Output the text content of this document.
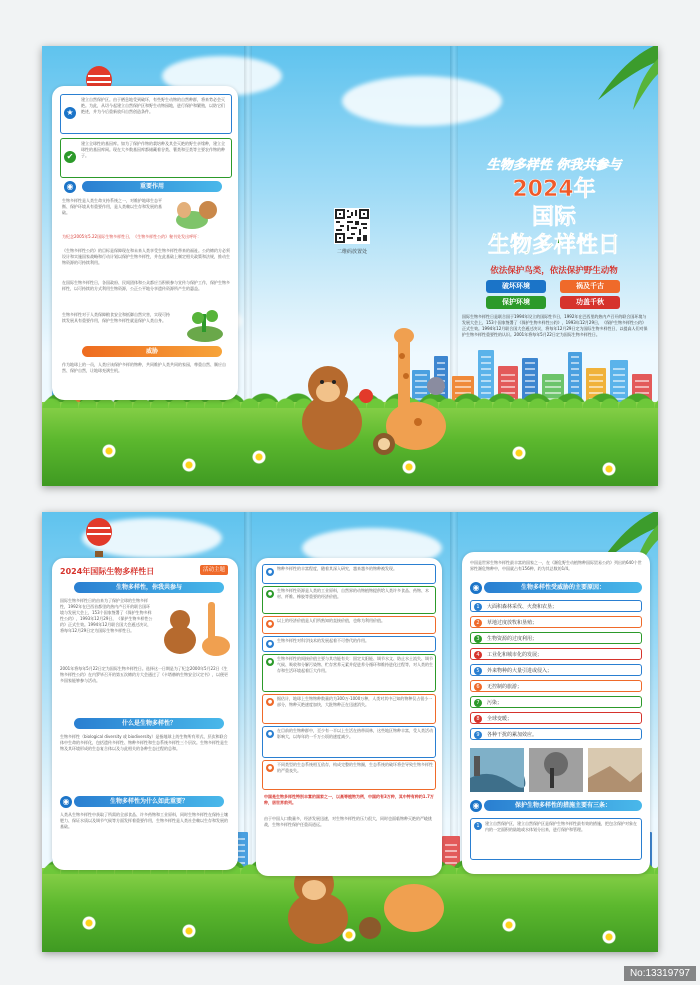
★
建立自然保护区。由于栖息地受到破坏，有些野生动物的自然种群，将来势必会灭绝。为此，从切今起建立自然保护区和野生动物园地，进行保护和繁殖，以防它们绝迹，并为今后重新放归自然创造条件。
✔
建立全球性的基因库。如为了保护作物的栽培种及其会灭绝的野生亲缘种，建立全球性的基因库网。现在大多数基因库都储藏着谷类、薯类和豆类等主要农作物的种子。
重要作用
◉
生物多样性是人类生命支持系统之一，对维护地球生态平衡、保护环境具有重要作用，是人类赖以生存和发展的基础。
为纪念2005年5.22国际生物多样性日，《生物多样性公约》秘书处发出呼吁：
《生物多样性公约》的目标是保障现在和未来人类享受生物多样性带来的福祉。公约缔约方必须设计和实施国家战略和行动计划以保护生物多样性，并在此基础上制定相关政策和法规，推动生物资源的可持续利用。
在国际生物多样性日，各国政府、民间团体和公众都应当积极参与宣传与保护工作，保护生物多样性，以可持续的方式利用生物资源，公正公平地分享遗传资源所产生的惠益。
生物多样性对于人类保障粮食安全和抵御自然灾害，实现可持续发展具有重要作用，保护生物多样性就是保护人类自身。
威胁
作为地球上的一员，人类应该保护多样的物种，共同维护人类共同的家园，尊重自然、顺应自然、保护自然，让地球充满生机。
二维码放置处
生物多样性 你我共参与
2024年
国际
生物多样性日
依法保护鸟类，依法保护野生动物
破坏环境	祸及千古
保护环境	功盖千秋
国际生物多样性日是联合国于1994年设立的国际性节日，1992年在巴西里约热内卢召开的联合国环境与发展大会上，153个国家签署了《保护生物多样性公约》，1993年12月29日，《保护生物多样性公约》正式生效。1994年12月联合国大会通过决议，将每年12月29日定为国际生物多样性日，以提高人们对保护生物多样性重要性的认识。2001年将每年5月22日定为国际生物多样性日。
2024年国际生物多样性日	活动主题
生物多样性，你我共参与
国际生物多样性日的由来为了保护全球的生物多样性，1992年在巴西首都里约热内卢召开的联合国环境与发展大会上，153个国家签署了《保护生物多样性公约》，1993年12月29日，《保护生物多样性公约》正式生效。1994年12月联合国大会通过决议，将每年12月29日定为国际生物多样性日。
2001年将每年5月22日定为国际生物多样性日。选择这一日期是为了纪念2000年5月22日《生物多样性公约》在内罗毕召开的第五次缔约方大会通过了《卡塔赫纳生物安全议定书》，以便更多国家能够参与活动。
什么是生物多样性？
生物多样性（biological diversity 或 biodiversity）是指地球上的生物所有形式、层次和联合体中生命的多样化，包括遗传多样性、物种多样性和生态系统多样性三个层次。生物多样性是生物及其环境形成的生态复合体以及与此相关的各种生态过程的总和。
◉	生物多样性为什么如此重要？
人类从生物多样性中获取了所需的全部食品、许多药物和工业原料，同时生物多样性在保持土壤肥力、保证水质以及调节气候等方面发挥着重要作用，生物多样性是人类社会赖以生存和发展的基础。
●
物种多样性的丰富程度，随着其深入研究，越来越多的物种被发现。
●
生物多样性资源是人类的工业原料，自然界的动物植物提供给人类许多食品、药物、木材、纤维、橡胶等重要的经济价值。
●
以上的经济价值是人们所熟知的直接价值，也称为利用价值。
●
生物多样性对科学技术的发展起着不可替代的作用。
●
生物多样性的间接价值主要与其功能有关：固定太阳能、调节水文、防止水土流失、调节气候、吸收和分解污染物、贮存营养元素并促进养分循环和维持进化过程等，对人类的生存和生活环境起着巨大作用。
●
据估计，地球上生物物种数量约为300万-1000万种，人类对其中已知的物种仅占很小一部分，物种灭绝速度加快，大批物种正在迅速消失。
●
在目前的生物种群中，至少有一半以上生活在热带雨林，这些地区物种丰富，受人类活动影响大，以每年约一千万公顷的速度减少。
●
不同类型的生态系统相互依存，构成完整的生物圈，生态系统的破坏将会导致生物多样性的严重丧失。
中国是生物多样性特别丰富的国家之一，以高等植物为例，中国约有3万种，其中特有种约1.7万种，居世界前列。
由于中国人口数量多，经济发展迅速，对生物多样性的压力很大，同时也面临物种灭绝的严峻挑战，生物多样性保护任重而道远。
中国是世界生物多样性最丰富的国家之一，在《濒危野生动植物种国际贸易公约》列出的640个世界性濒危物种中，中国就占有156种，约为其总数的1/4。
◉	生物多样性受威胁的主要原因：
1	大面积森林采伐、火烧和农垦；
2	草地过度放牧和垦殖；
3	生物资源的过度利用；
4	工业化和城市化的发展；
5	外来物种的大量引进或侵入；
6	无控制的旅游；
7	污染；
8	全球变暖；
9	各种干扰的累加效应。
◉	保护生物多样性的措施主要有三条：
1	建立自然保护区，建立自然保护区是保护生物多样性最有效的措施，把包含保护对象在内的一定面积的陆地或水体划分出来，进行保护和管理。
No:13319797
